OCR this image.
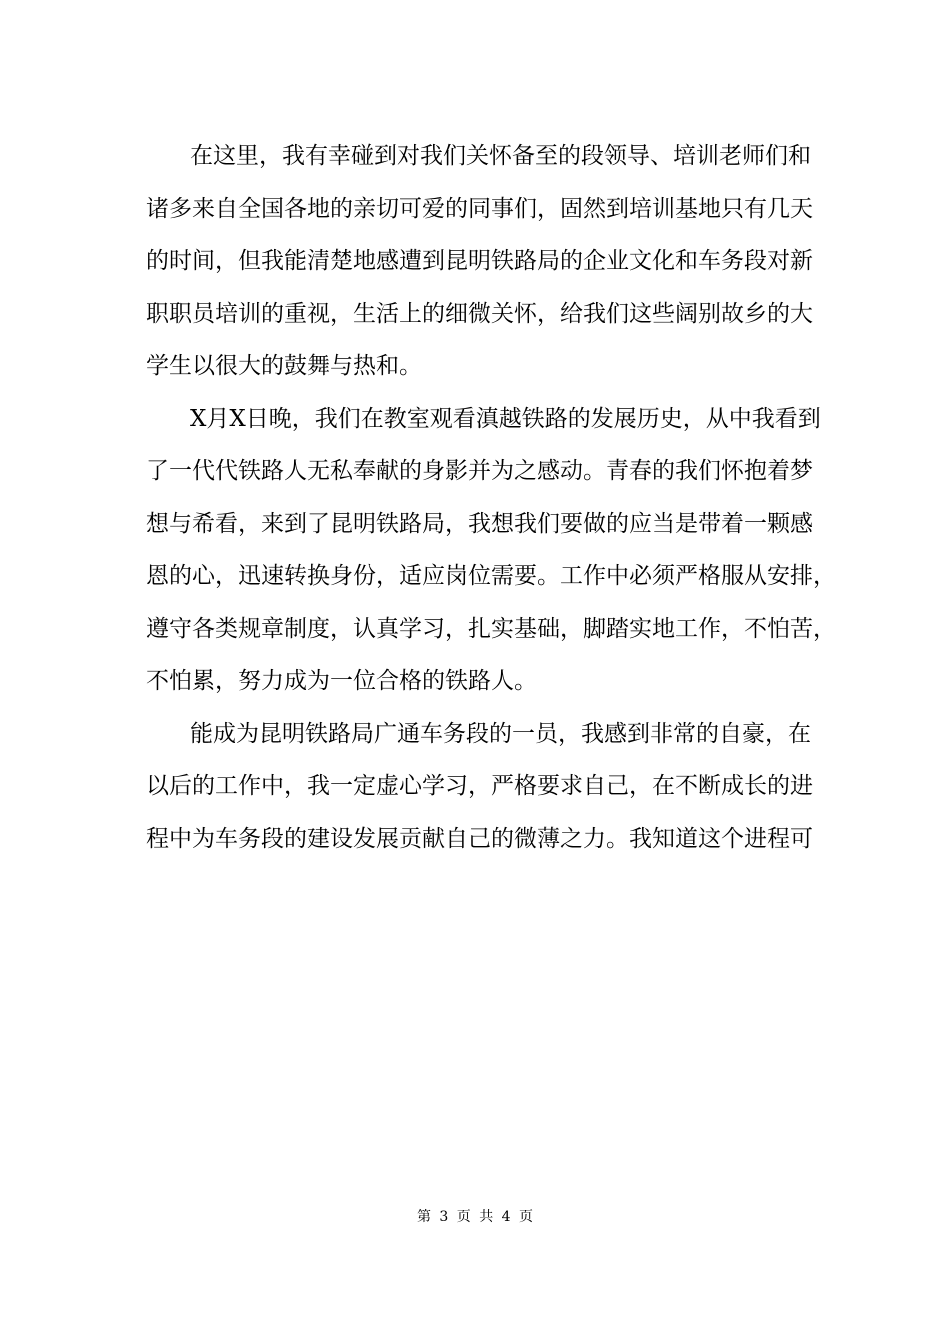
在这里，我有幸碰到对我们关怀备至的段领导、培训老师们和
诸多来自全国各地的亲切可爱的同事们，固然到培训基地只有几天
的时间，但我能清楚地感遭到昆明铁路局的企业文化和车务段对新
职职员培训的重视，生活上的细微关怀，给我们这些阔别故乡的大
学生以很大的鼓舞与热和。
X月X日晚，我们在教室观看滇越铁路的发展历史，从中我看到
了一代代铁路人无私奉献的身影并为之感动。青春的我们怀抱着梦
想与希看，来到了昆明铁路局，我想我们要做的应当是带着一颗感
恩的心，迅速转换身份，适应岗位需要。工作中必须严格服从安排，
遵守各类规章制度，认真学习，扎实基础，脚踏实地工作，不怕苦，
不怕累，努力成为一位合格的铁路人。
能成为昆明铁路局广通车务段的一员，我感到非常的自豪，在
以后的工作中，我一定虚心学习，严格要求自己，在不断成长的进
程中为车务段的建设发展贡献自己的微薄之力。我知道这个进程可
第 3 页 共 4 页
